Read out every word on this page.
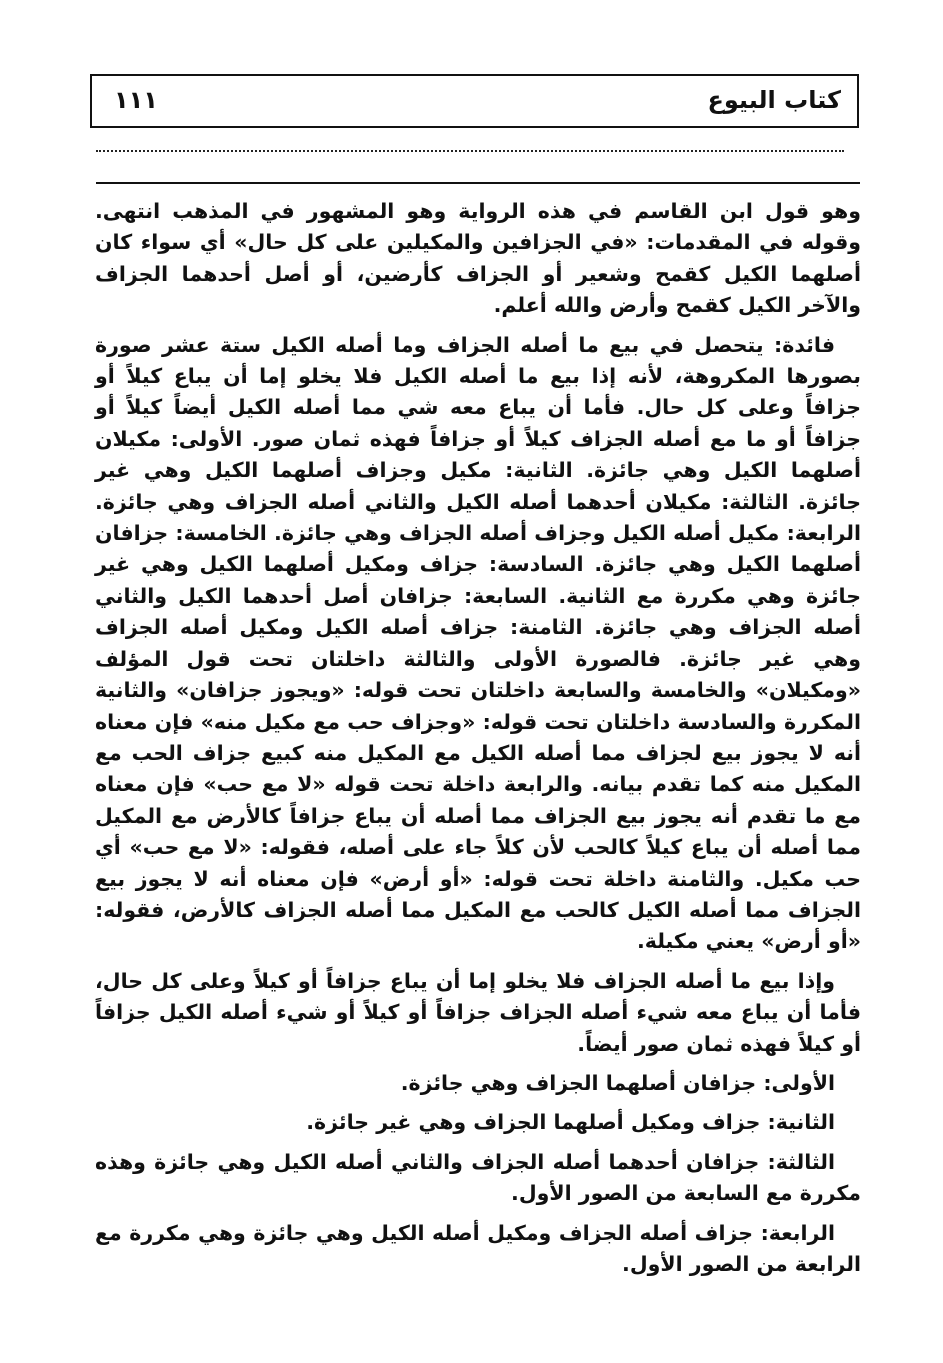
١١١	كتاب البيوع

وهو قول ابن القاسم في هذه الرواية وهو المشهور في المذهب انتهى. وقوله في المقدمات: «في الجزافين والمكيلين على كل حال» أي سواء كان أصلهما الكيل كقمح وشعير أو الجزاف كأرضين، أو أصل أحدهما الجزاف والآخر الكيل كقمح وأرض والله أعلم.

فائدة: يتحصل في بيع ما أصله الجزاف وما أصله الكيل ستة عشر صورة بصورها المكروهة، لأنه إذا بيع ما أصله الكيل فلا يخلو إما أن يباع كيلاً أو جزافاً وعلى كل حال. فأما أن يباع معه شي مما أصله الكيل أيضاً كيلاً أو جزافاً أو ما مع أصله الجزاف كيلاً أو جزافاً فهذه ثمان صور. الأولى: مكيلان أصلهما الكيل وهي جائزة. الثانية: مكيل وجزاف أصلهما الكيل وهي غير جائزة. الثالثة: مكيلان أحدهما أصله الكيل والثاني أصله الجزاف وهي جائزة. الرابعة: مكيل أصله الكيل وجزاف أصله الجزاف وهي جائزة. الخامسة: جزافان أصلهما الكيل وهي جائزة. السادسة: جزاف ومكيل أصلهما الكيل وهي غير جائزة وهي مكررة مع الثانية. السابعة: جزافان أصل أحدهما الكيل والثاني أصله الجزاف وهي جائزة. الثامنة: جزاف أصله الكيل ومكيل أصله الجزاف وهي غير جائزة. فالصورة الأولى والثالثة داخلتان تحت قول المؤلف «ومكيلان» والخامسة والسابعة داخلتان تحت قوله: «ويجوز جزافان» والثانية المكررة والسادسة داخلتان تحت قوله: «وجزاف حب مع مكيل منه» فإن معناه أنه لا يجوز بيع لجزاف مما أصله الكيل مع المكيل منه كبيع جزاف الحب مع المكيل منه كما تقدم بيانه. والرابعة داخلة تحت قوله «لا مع حب» فإن معناه مع ما تقدم أنه يجوز بيع الجزاف مما أصله أن يباع جزافاً كالأرض مع المكيل مما أصله أن يباع كيلاً كالحب لأن كلاً جاء على أصله، فقوله: «لا مع حب» أي حب مكيل. والثامنة داخلة تحت قوله: «أو أرض» فإن معناه أنه لا يجوز بيع الجزاف مما أصله الكيل كالحب مع المكيل مما أصله الجزاف كالأرض، فقوله: «أو أرض» يعني مكيلة.

وإذا بيع ما أصله الجزاف فلا يخلو إما أن يباع جزافاً أو كيلاً وعلى كل حال، فأما أن يباع معه شيء أصله الجزاف جزافاً أو كيلاً أو شيء أصله الكيل جزافاً أو كيلاً فهذه ثمان صور أيضاً.

الأولى: جزافان أصلهما الجزاف وهي جائزة.

الثانية: جزاف ومكيل أصلهما الجزاف وهي غير جائزة.

الثالثة: جزافان أحدهما أصله الجزاف والثاني أصله الكيل وهي جائزة وهذه مكررة مع السابعة من الصور الأول.

الرابعة: جزاف أصله الجزاف ومكيل أصله الكيل وهي جائزة وهي مكررة مع الرابعة من الصور الأول.
